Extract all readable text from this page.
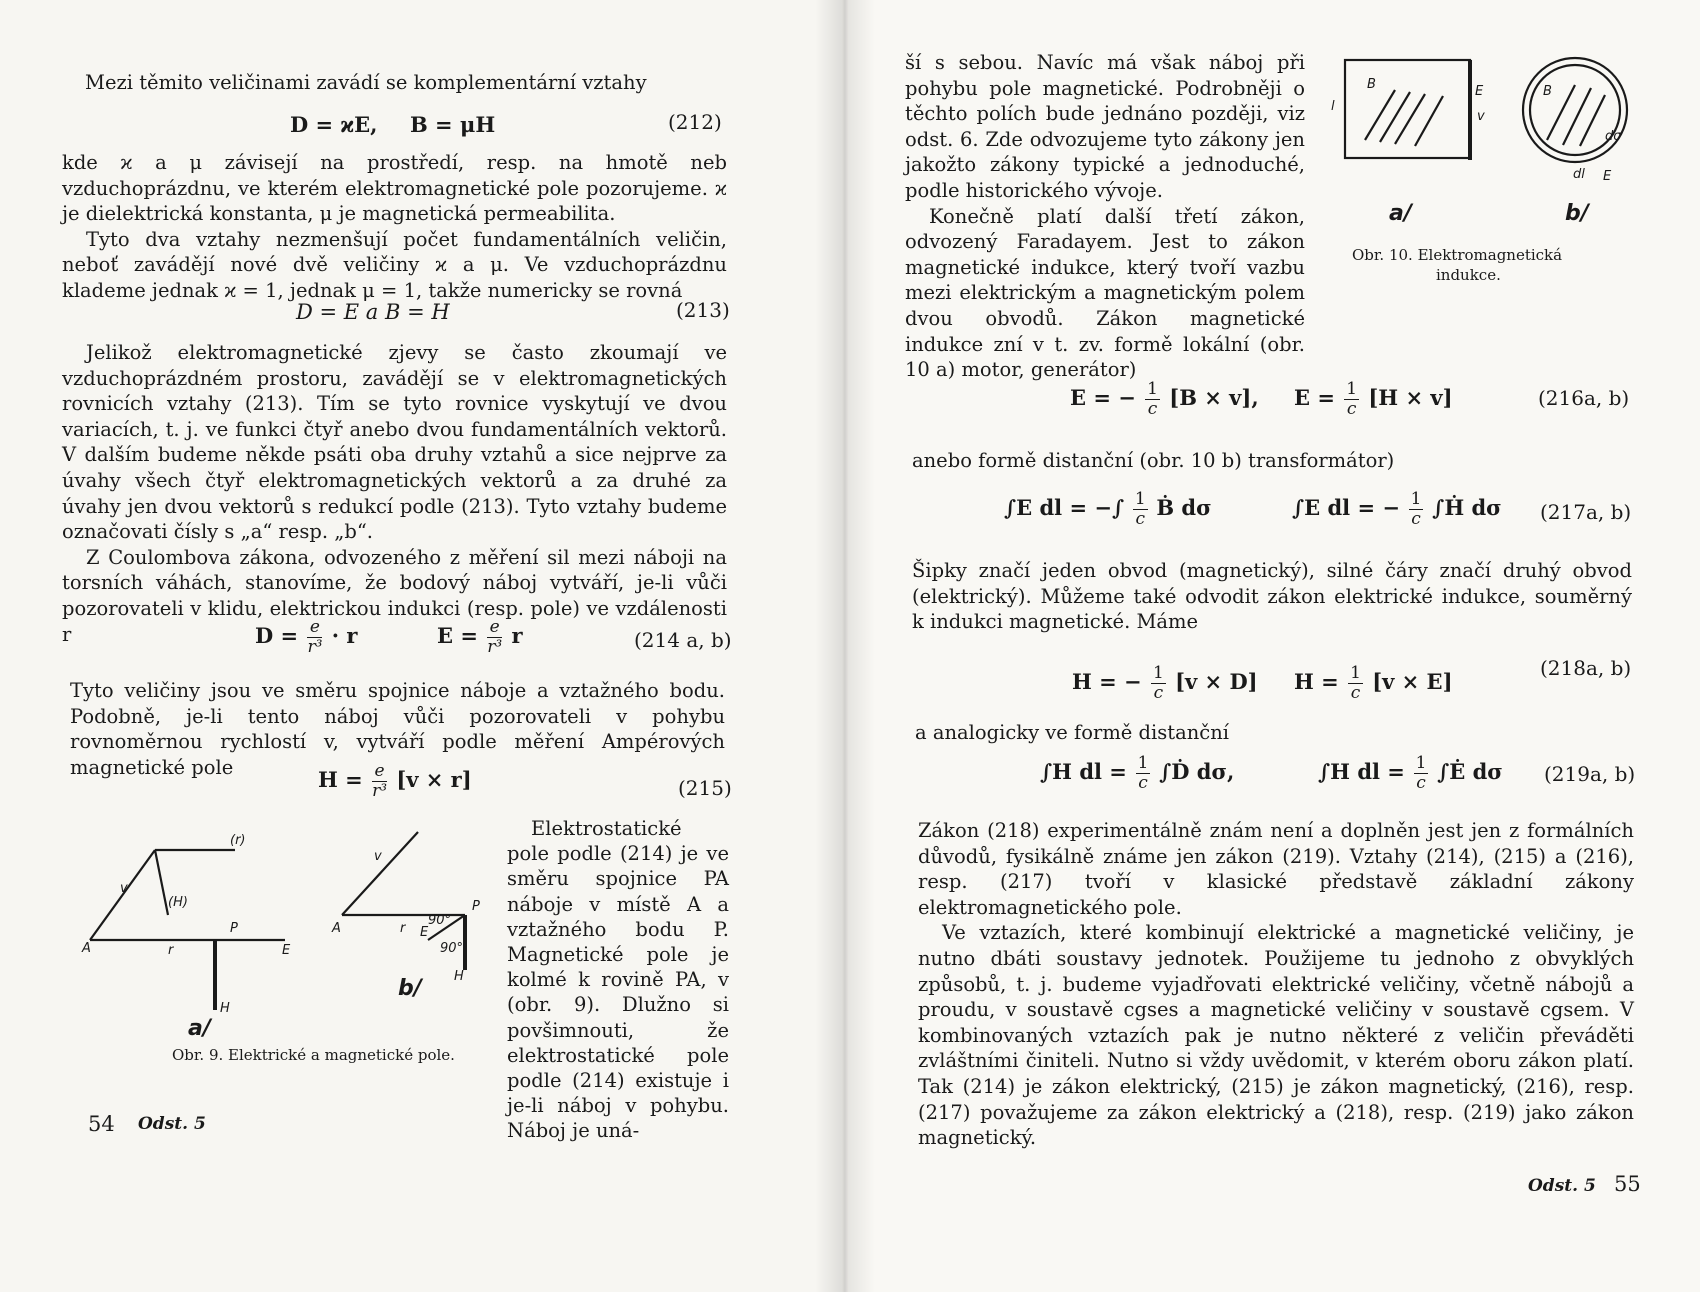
Mezi těmito veličinami zavádí se komplementární vztahy

D = ϰE, B = μH	(212)

kde ϰ a μ závisejí na prostředí, resp. na hmotě neb vzduchoprázdnu, ve kterém elektromagnetické pole pozorujeme. ϰ je dielektrická konstanta, μ je magnetická permeabilita.

Tyto dva vztahy nezmenšují počet fundamentálních veličin, neboť zavádějí nové dvě veličiny ϰ a μ. Ve vzduchoprázdnu klademe jednak ϰ = 1, jednak μ = 1, takže numericky se rovná

D = E a B = H	(213)

Jelikož elektromagnetické zjevy se často zkoumají ve vzduchoprázdném prostoru, zavádějí se v elektromagnetických rovnicích vztahy (213). Tím se tyto rovnice vyskytují ve dvou variacích, t. j. ve funkci čtyř anebo dvou fundamentálních vektorů. V dalším budeme někde psáti oba druhy vztahů a sice nejprve za úvahy všech čtyř elektromagnetických vektorů a za druhé za úvahy jen dvou vektorů s redukcí podle (213). Tyto vztahy budeme označovati čísly s „a“ resp. „b“.

Z Coulombova zákona, odvozeného z měření sil mezi náboji na torsních váhách, stanovíme, že bodový náboj vytváří, je-li vůči pozorovateli v klidu, elektrickou indukci (resp. pole) ve vzdálenosti r	$D = \frac{e}{\text{r³}} \cdot r$	$E = \frac{e}{\text{r³}}$ r	(214 a, b)

Tyto veličiny jsou ve směru spojnice náboje a vztažného bodu. Podobně, je-li tento náboj vůči pozorovateli v pohybu rovnoměrnou rychlostí v, vytváří podle měření Ampérových magnetické pole	$H = \frac{e}{\text{r³}} [v \times r]$	(215)

Elektrostatické pole podle (214) je ve směru spojnice PA náboje v místě A a vztažného bodu P. Magnetické pole je kolmé k rovině PA, v (obr. 9). Dlužno si povšimnouti, že elektrostatické pole podle (214) existuje i je-li náboj v pohybu. Náboj je uná-

A	r
P
E
v
(H)
(r)
H
A	r E
90°
P
90°
H
v
a/
b/
Obr. 9. Elektrické a magnetické pole.
54 Odst. 5

ší s sebou. Navíc má však náboj při pohybu pole magnetické. Podrobněji o těchto polích bude jednáno později, viz odst. 6. Zde odvozujeme tyto zákony jen jakožto zákony typické a jednoduché, podle historického vývoje.

Konečně platí další třetí zákon, odvozený Faradayem. Jest to zákon magnetické indukce, který tvoří vazbu mezi elektrickým a magnetickým polem dvou obvodů. Zákon magnetické indukce zní v t. zv. formě lokální (obr. 10 a) motor, generátor)

B	E
v
l
B
dσ
dl E
a/	b/
Obr. 10. Elektromagnetická
indukce.
E = − $\frac{1}{c} [B \times v]$, $E = \frac{1}{c} [H \times v]$	(216a, b)

anebo formě distanční (obr. 10 b) transformátor)

∫E dl = −∫ $\frac{1}{c}$ Ḃ dσ	∫E dl = − $\frac{1}{c}$ ∫Ḣ dσ (217a, b)

Šipky značí jeden obvod (magnetický), silné čáry značí druhý obvod (elektrický). Můžeme také odvodit zákon elektrické indukce, souměrný k indukci magnetické. Máme

H = − $\frac{1}{c} [v \times D] H = \frac{1}{c} [v \times E]$
(218a, b)

a analogicky ve formě distanční

∫H dl = $\frac{1}{c}$ ∫Ḋ dσ,	∫H dl = $\frac{1}{c}$ ∫Ė dσ (219a, b)

Zákon (218) experimentálně znám není a doplněn jest jen z formálních důvodů, fysikálně známe jen zákon (219). Vztahy (214), (215) a (216), resp. (217) tvoří v klasické představě základní zákony elektromagnetického pole.

Ve vztazích, které kombinují elektrické a magnetické veličiny, je nutno dbáti soustavy jednotek. Použijeme tu jednoho z obvyklých způsobů, t. j. budeme vyjadřovati elektrické veličiny, včetně nábojů a proudu, v soustavě cgses a magnetické veličiny v soustavě cgsem. V kombinovaných vztazích pak je nutno některé z veličin převáděti zvláštními činiteli. Nutno si vždy uvědomit, v kterém oboru zákon platí. Tak (214) je zákon elektrický, (215) je zákon magnetický, (216), resp. (217) považujeme za zákon elektrický a (218), resp. (219) jako zákon magnetický.

Odst. 5 55
